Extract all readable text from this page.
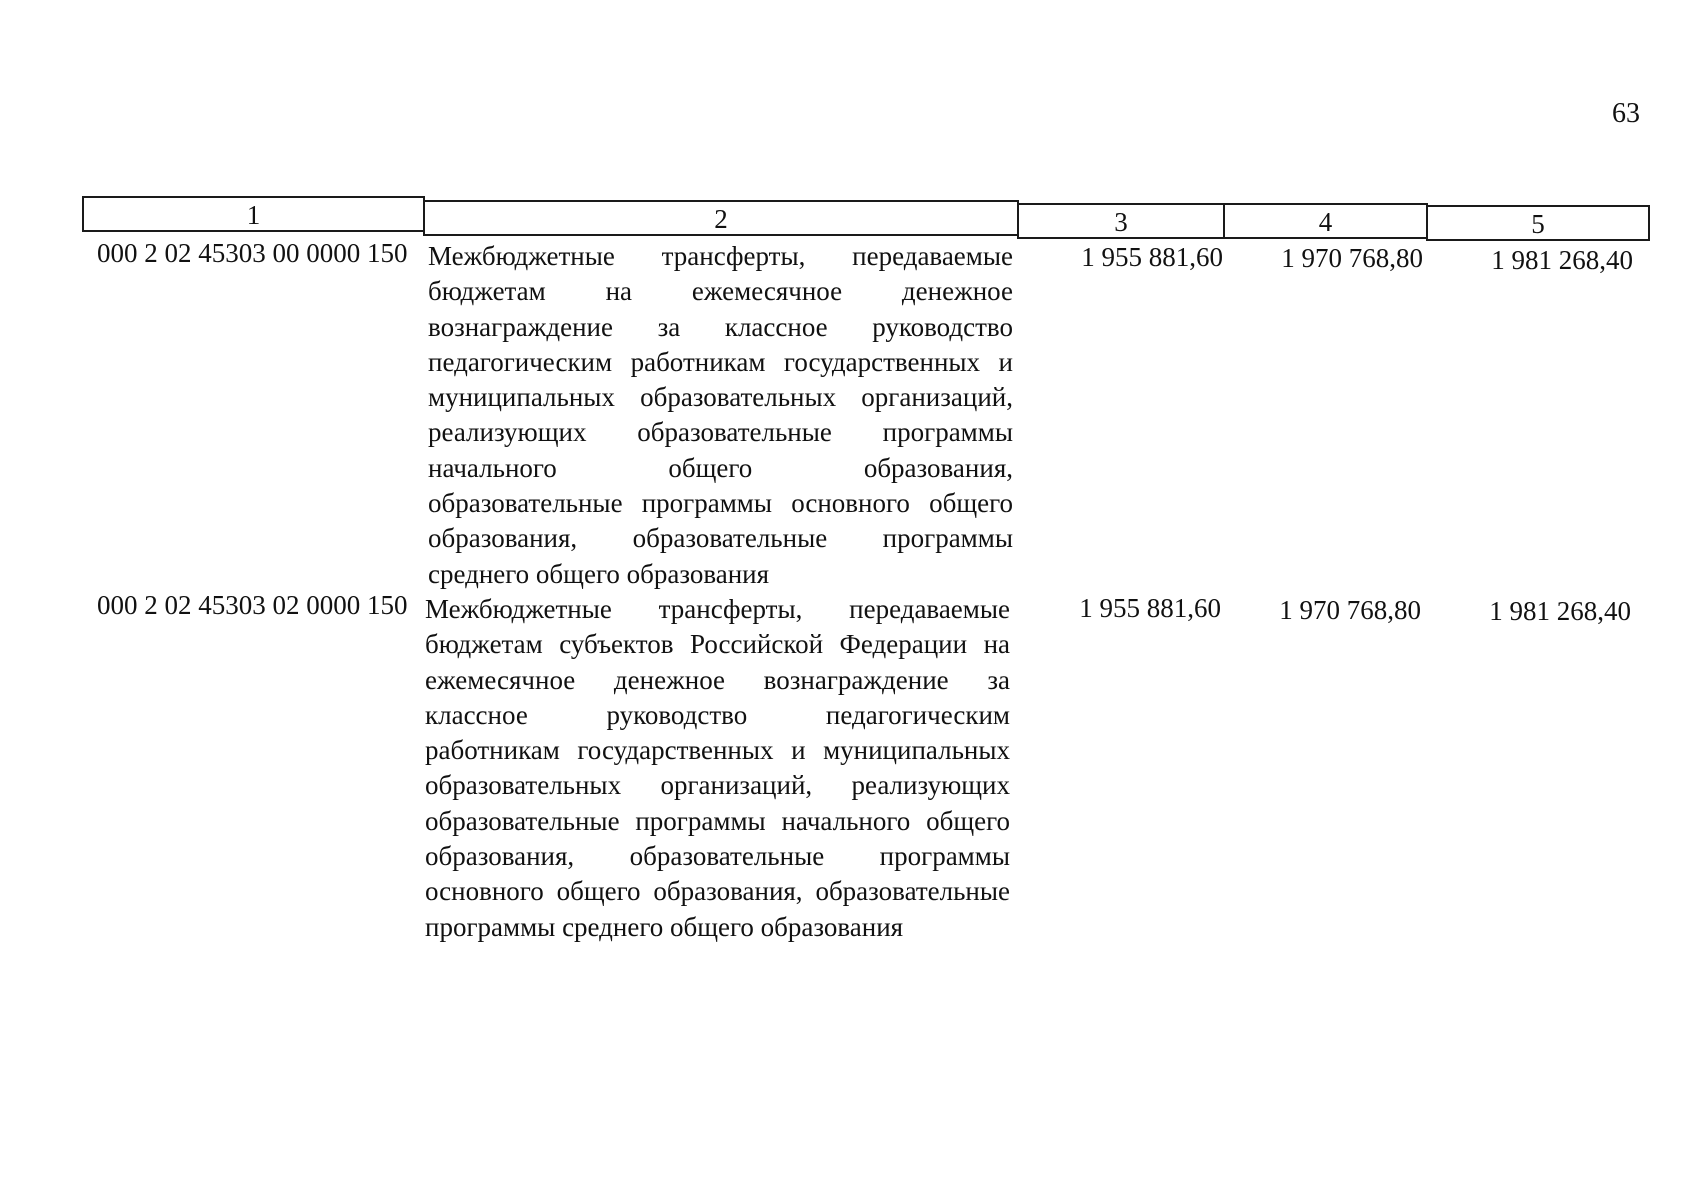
63
1	2	3	4	5
000 2 02 45303 00 0000 150 Межбюджетные трансферты, передаваемые
бюджетам на ежемесячное денежное
вознаграждение за классное руководство
педагогическим работникам государственных и
муниципальных образовательных организаций,
реализующих образовательные программы
начального общего образования,
образовательные программы основного общего
образования, образовательные программы
среднего общего образования
1 955 881,60	1 970 768,80	1 981 268,40
000 2 02 45303 02 0000 150 Межбюджетные трансферты, передаваемые
бюджетам субъектов Российской Федерации на
ежемесячное денежное вознаграждение за
классное руководство педагогическим
работникам государственных и муниципальных
образовательных организаций, реализующих
образовательные программы начального общего
образования, образовательные программы
основного общего образования, образовательные
программы среднего общего образования
1 955 881,60	1 970 768,80	1 981 268,40
